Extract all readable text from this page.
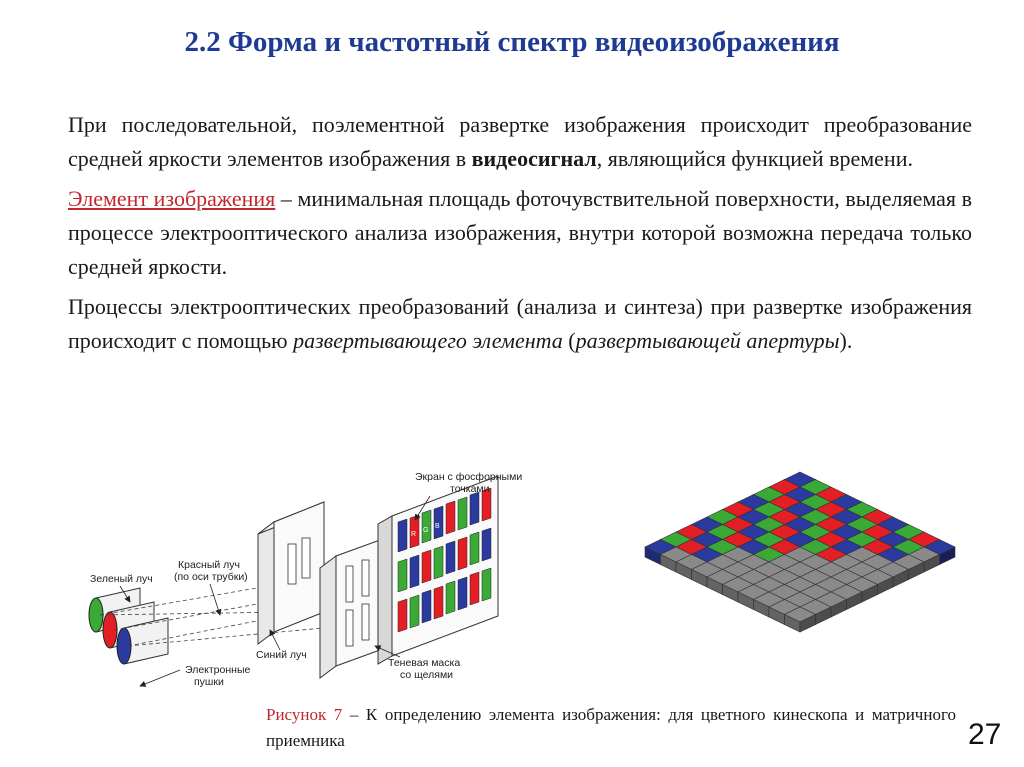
2.2 Форма и частотный спектр видеоизображения

При последовательной, поэлементной развертке изображения происходит преобразование средней яркости элементов изображения в видеосигнал, являющийся функцией времени.

Элемент изображения – минимальная площадь фоточувствительной поверхности, выделяемая в процессе электрооптического анализа изображения, внутри которой возможна передача только средней яркости.

Процессы электрооптических преобразований (анализа и синтеза) при развертке изображения происходит с помощью развертывающего элемента (развертывающей апертуры).

R
G
B
Экран с фосфорными
точками
Красный луч
(по оси трубки)
Зеленый луч
Синий луч
Электронные
пушки
Теневая маска
со щелями
Рисунок 7 – К определению элемента изображения: для цветного кинескопа и матричного приемника	27
